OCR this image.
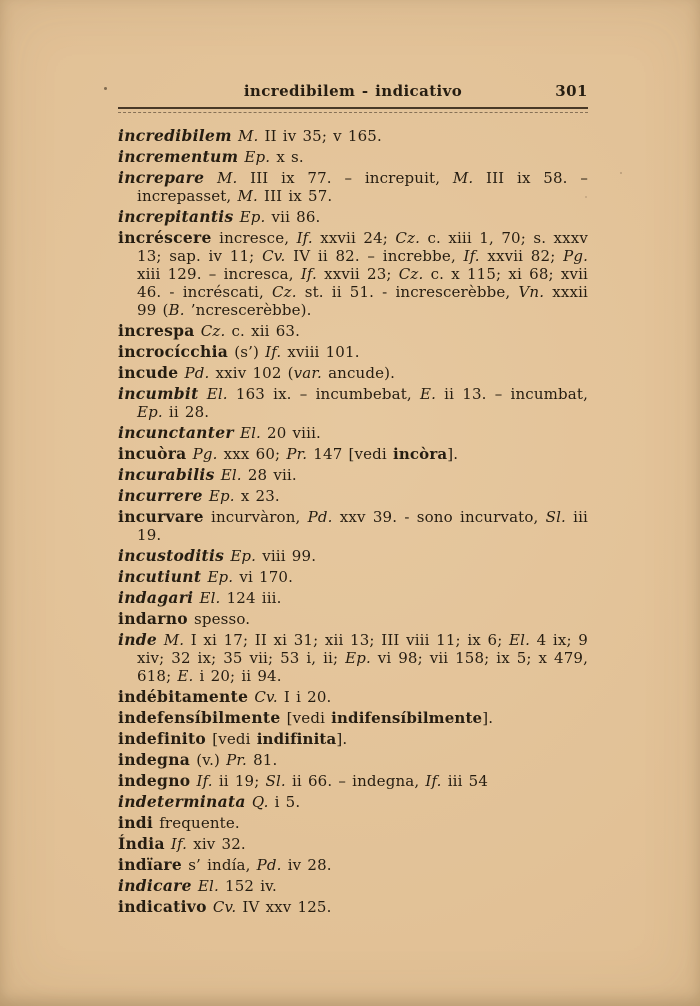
incredibilem - indicativo	301

incredibilem M. II iv 35; v 165.

incrementum Ep. x s.

increpare M. III ix 77. – increpuit, M. III ix 58. – increpasset, M. III ix 57.

increpitantis Ep. vii 86.

incréscere incresce, If. xxvii 24; Cz. c. xiii 1, 70; s. xxxv 13; sap. iv 11; Cv. IV ii 82. – increbbe, If. xxvii 82; Pg. xiii 129. – incresca, If. xxvii 23; Cz. c. x 115; xi 68; xvii 46. - incréscati, Cz. st. ii 51. - increscerèbbe, Vn. xxxii 99 (B. ’ncrescerèbbe).

increspa Cz. c. xii 63.

incrocícchia (s’) If. xviii 101.

incude Pd. xxiv 102 (var. ancude).

incumbit El. 163 ix. – incumbebat, E. ii 13. – incumbat, Ep. ii 28.

incunctanter El. 20 viii.

incuòra Pg. xxx 60; Pr. 147 [vedi incòra].

incurabilis El. 28 vii.

incurrere Ep. x 23.

incurvare incurvàron, Pd. xxv 39. - sono incurvato, Sl. iii 19.

incustoditis Ep. viii 99.

incutiunt Ep. vi 170.

indagari El. 124 iii.

indarno spesso.

inde M. I xi 17; II xi 31; xii 13; III viii 11; ix 6; El. 4 ix; 9 xiv; 32 ix; 35 vii; 53 i, ii; Ep. vi 98; vii 158; ix 5; x 479, 618; E. i 20; ii 94.

indébitamente Cv. I i 20.

indefensíbilmente [vedi indifensíbilmente].

indefinito [vedi indifinita].

indegna (v.) Pr. 81.

indegno If. ii 19; Sl. ii 66. – indegna, If. iii 54

indeterminata Q. i 5.

indi frequente.

Índia If. xiv 32.

indïare s’ indía, Pd. iv 28.

indicare El. 152 iv.

indicativo Cv. IV xxv 125.
